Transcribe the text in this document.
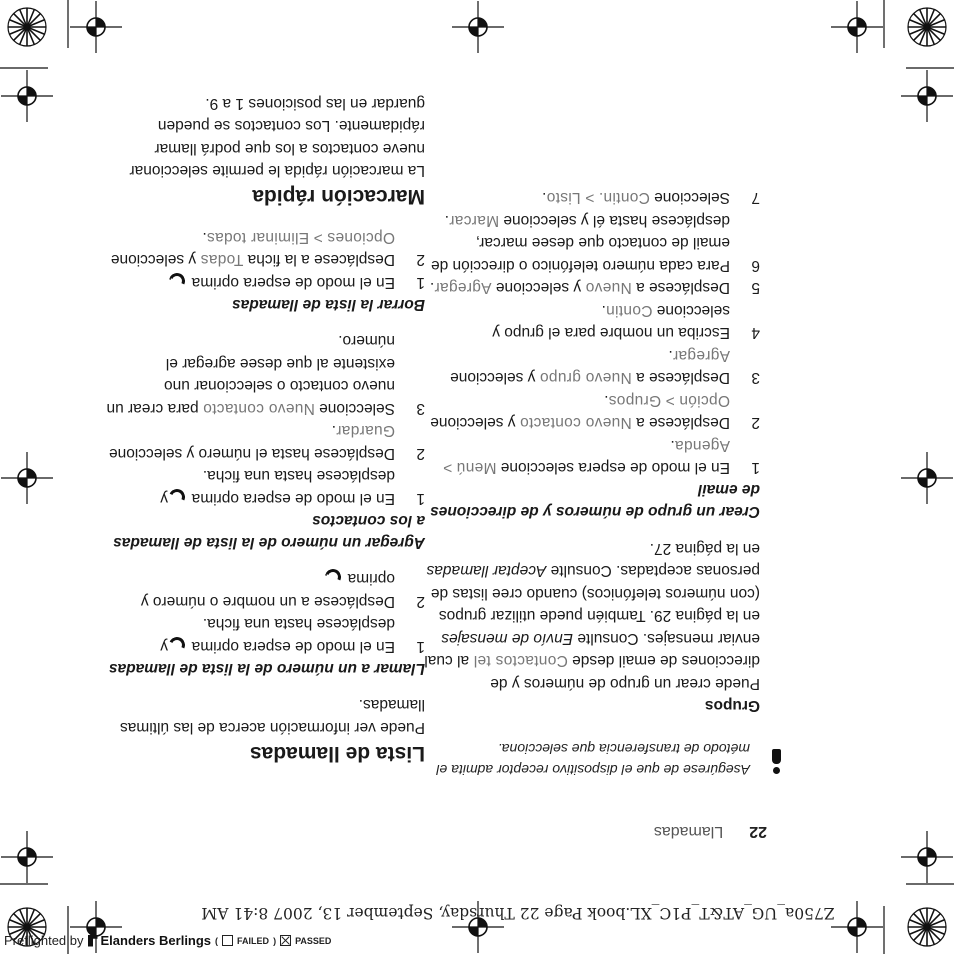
Z750a_UG_AT&T_P1C_XL.book Page 22 Thursday, September 13, 2007 8:41 AM
Preflighted by Elanders Berlings ( FAILED ) PASSED
22
Llamadas
Asegúrese de que el dispositivo receptor admita el método de transferencia que selecciona.
Grupos

Puede crear un grupo de números y de direcciones de email desde Contactos tel al cual enviar mensajes. Consulte Envío de mensajes en la página 29. También puede utilizar grupos (con números telefónicos) cuando cree listas de personas aceptadas. Consulte Aceptar llamadas en la página 27.

Crear un grupo de números y de direcciones de email
1
En el modo de espera seleccione Menú > Agenda.
2
Desplácese a Nuevo contacto y seleccione Opción > Grupos.
3
Desplácese a Nuevo grupo y seleccione Agregar.
4
Escriba un nombre para el grupo y seleccione Contin.
5
Desplácese a Nuevo y seleccione Agregar.
6
Para cada número telefónico o dirección de email de contacto que desee marcar, desplácese hasta él y seleccione Marcar.
7
Seleccione Contin. > Listo.
Lista de llamadas

Puede ver información acerca de las últimas llamadas.

Llamar a un número de la lista de llamadas
1
En el modo de espera oprima  y desplácese hasta una ficha.
2
Desplácese a un nombre o número y oprima .
Agregar un número de la lista de llamadas a los contactos
1
En el modo de espera oprima  y desplácese hasta una ficha.
2
Desplácese hasta el número y seleccione Guardar.
3
Seleccione Nuevo contacto para crear un nuevo contacto o seleccionar uno existente al que desee agregar el número.
Borrar la lista de llamadas
1
En el modo de espera oprima .
2
Desplácese a la ficha Todas y seleccione Opciones > Eliminar todas.
Marcación rápida

La marcación rápida le permite seleccionar nueve contactos a los que podrá llamar rápidamente. Los contactos se pueden guardar en las posiciones 1 a 9.
